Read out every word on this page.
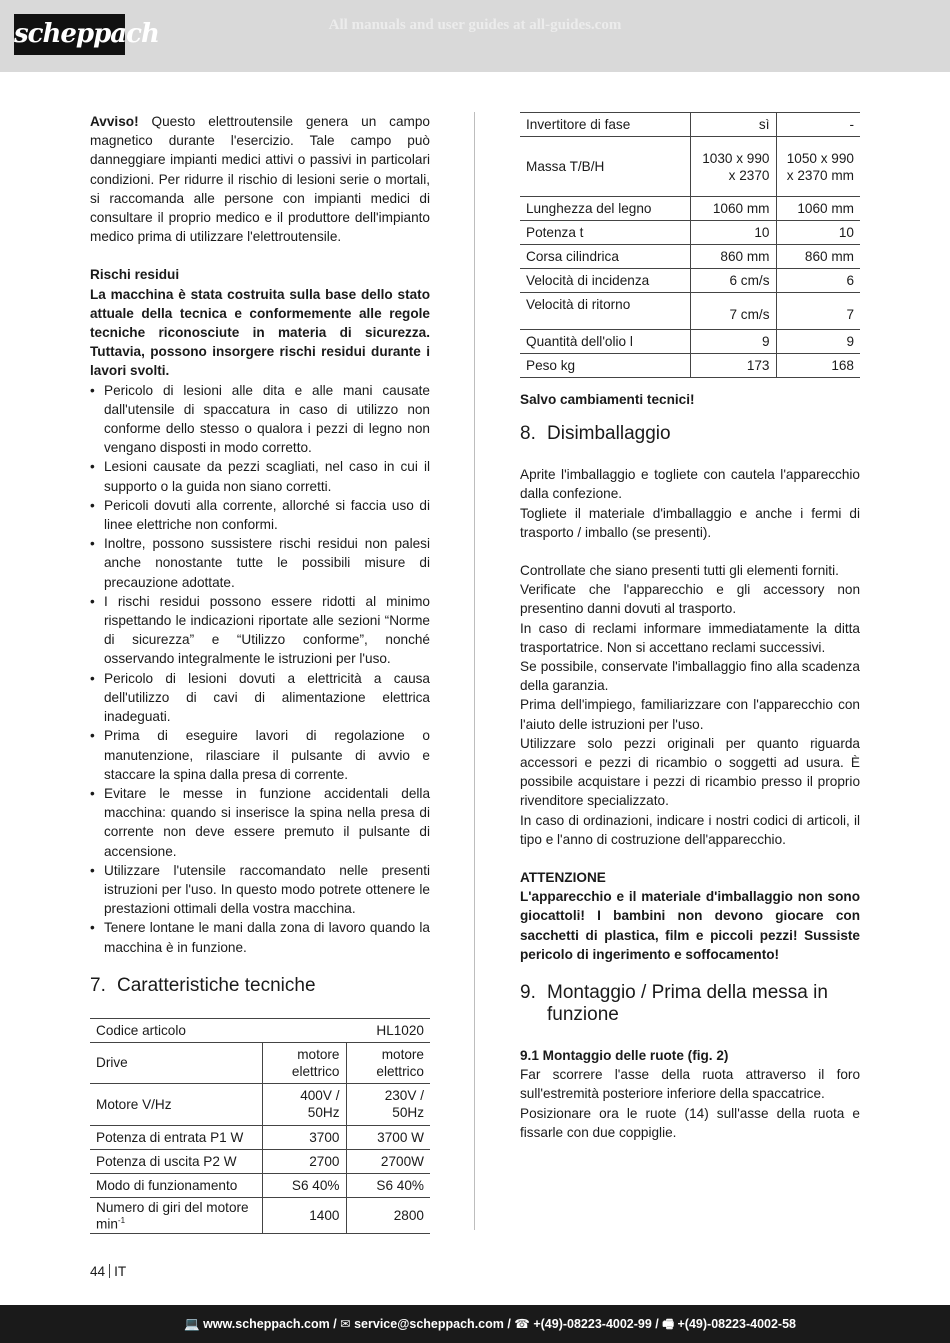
scheppach	All manuals and user guides at all-guides.com

Avviso! Questo elettroutensile genera un campo magnetico durante l'esercizio. Tale campo può danneggiare impianti medici attivi o passivi in particolari condizioni. Per ridurre il rischio di lesioni serie o mortali, si raccomanda alle persone con impianti medici di consultare il proprio medico e il produttore dell'impianto medico prima di utilizzare l'elettroutensile.

Rischi residui

La macchina è stata costruita sulla base dello stato attuale della tecnica e conformemente alle regole tecniche riconosciute in materia di sicurezza. Tuttavia, possono insorgere rischi residui durante i lavori svolti.

• Pericolo di lesioni alle dita e alle mani causate dall'utensile di spaccatura in caso di utilizzo non conforme dello stesso o qualora i pezzi di legno non vengano disposti in modo corretto.
• Lesioni causate da pezzi scagliati, nel caso in cui il supporto o la guida non siano corretti.
• Pericoli dovuti alla corrente, allorché si faccia uso di linee elettriche non conformi.
• Inoltre, possono sussistere rischi residui non palesi anche nonostante tutte le possibili misure di precauzione adottate.
• I rischi residui possono essere ridotti al minimo rispettando le indicazioni riportate alle sezioni “Norme di sicurezza” e “Utilizzo conforme”, nonché osservando integralmente le istruzioni per l'uso.
• Pericolo di lesioni dovuti a elettricità a causa dell'utilizzo di cavi di alimentazione elettrica inadeguati.
• Prima di eseguire lavori di regolazione o manutenzione, rilasciare il pulsante di avvio e staccare la spina dalla presa di corrente.
• Evitare le messe in funzione accidentali della macchina: quando si inserisce la spina nella presa di corrente non deve essere premuto il pulsante di accensione.
• Utilizzare l'utensile raccomandato nelle presenti istruzioni per l'uso. In questo modo potrete ottenere le prestazioni ottimali della vostra macchina.
• Tenere lontane le mani dalla zona di lavoro quando la macchina è in funzione.
7. Caratteristiche tecniche
Codice articolo		HL1020
Drive	motore elettrico	motore elettrico
Motore V/Hz	400V / 50Hz	230V / 50Hz
Potenza di entrata P1 W	3700	3700 W
Potenza di uscita P2 W	2700	2700W
Modo di funzionamento	S6 40%	S6 40%
Numero di giri del motore $\min^{-1}$	1400	2800
Invertitore di fase	sì	-
Massa T/B/H	1030 x 990 x 2370	1050 x 990 x 2370 mm
Lunghezza del legno	1060 mm	1060 mm
Potenza t	10	10
Corsa cilindrica	860 mm	860 mm
Velocità di incidenza	6 cm/s	6
Velocità di ritorno	7 cm/s	7
Quantità dell'olio l	9	9
Peso kg	173	168

Salvo cambiamenti tecnici!

8. Disimballaggio

Aprite l'imballaggio e togliete con cautela l'apparecchio dalla confezione.

Togliete il materiale d'imballaggio e anche i fermi di trasporto / imballo (se presenti).

Controllate che siano presenti tutti gli elementi forniti.

Verificate che l'apparecchio e gli accessory non presentino danni dovuti al trasporto.

In caso di reclami informare immediatamente la ditta trasportatrice. Non si accettano reclami successivi.

Se possibile, conservate l'imballaggio fino alla scadenza della garanzia.

Prima dell'impiego, familiarizzare con l'apparecchio con l'aiuto delle istruzioni per l'uso.

Utilizzare solo pezzi originali per quanto riguarda accessori e pezzi di ricambio o soggetti ad usura. È possibile acquistare i pezzi di ricambio presso il proprio rivenditore specializzato.

In caso di ordinazioni, indicare i nostri codici di articoli, il tipo e l'anno di costruzione dell'apparecchio.

ATTENZIONE

L'apparecchio e il materiale d'imballaggio non sono giocattoli! I bambini non devono giocare con sacchetti di plastica, film e piccoli pezzi! Sussiste pericolo di ingerimento e soffocamento!

9. Montaggio / Prima della messa in funzione

9.1 Montaggio delle ruote (fig. 2)

Far scorrere l'asse della ruota attraverso il foro sull'estremità posteriore inferiore della spaccatrice.

Posizionare ora le ruote (14) sull'asse della ruota e fissarle con due coppiglie.

44 IT
💻 www.scheppach.com / ✉ service@scheppach.com / ☎ +(49)-08223-4002-99 / 🖷 +(49)-08223-4002-58
